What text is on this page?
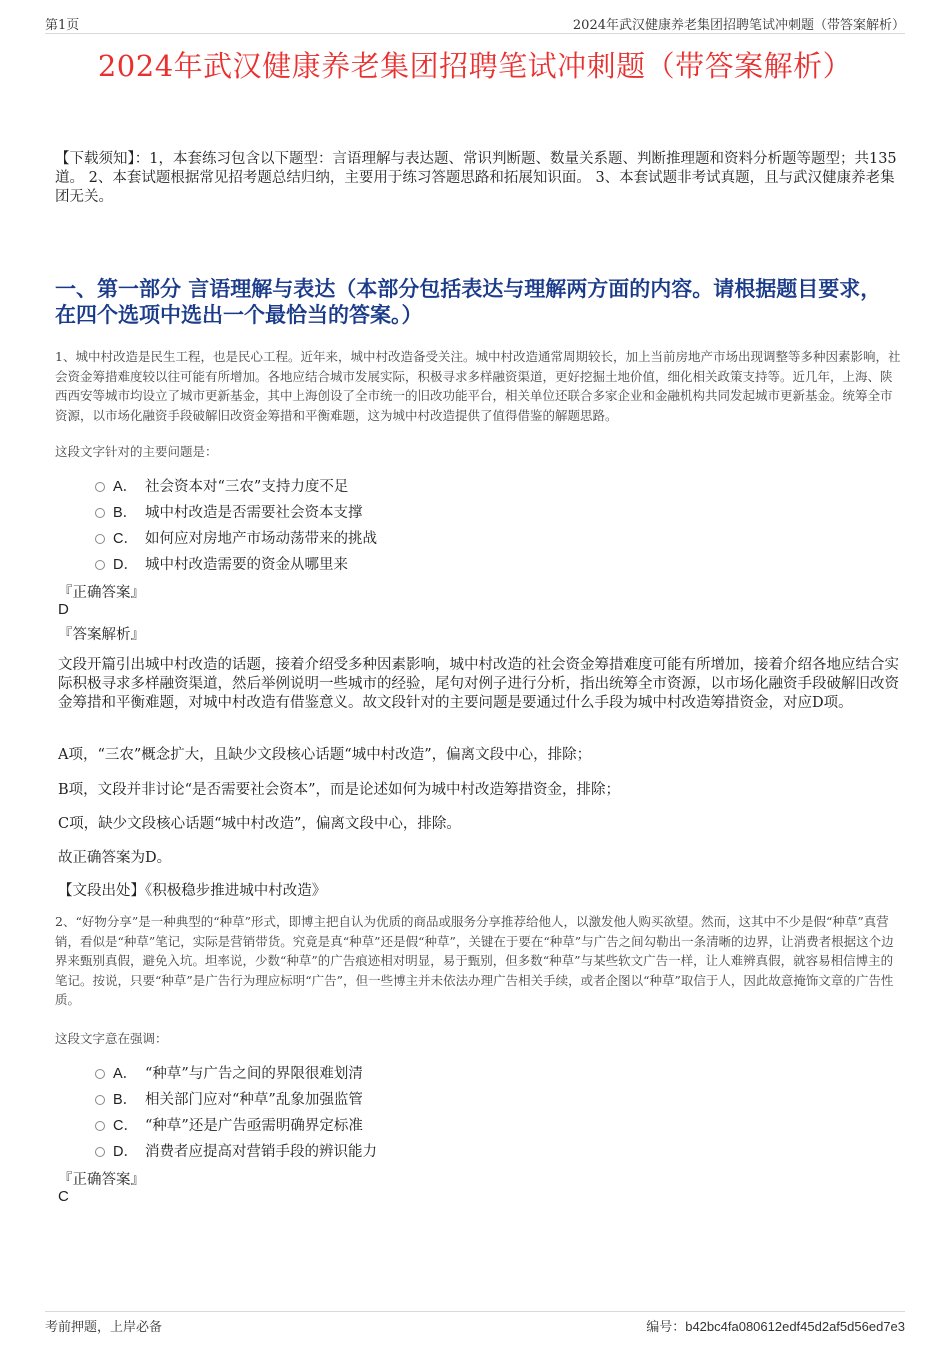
第1页	2024年武汉健康养老集团招聘笔试冲刺题（带答案解析）
2024年武汉健康养老集团招聘笔试冲刺题（带答案解析）

【下载须知】：1，本套练习包含以下题型：言语理解与表达题、常识判断题、数量关系题、判断推理题和资料分析题等题型；共135道。 2、本套试题根据常见招考题总结归纳，主要用于练习答题思路和拓展知识面。 3、本套试题非考试真题，且与武汉健康养老集团无关。

一、第一部分 言语理解与表达（本部分包括表达与理解两方面的内容。请根据题目要求，在四个选项中选出一个最恰当的答案。）

1、城中村改造是民生工程，也是民心工程。近年来，城中村改造备受关注。城中村改造通常周期较长，加上当前房地产市场出现调整等多种因素影响，社会资金筹措难度较以往可能有所增加。各地应结合城市发展实际，积极寻求多样融资渠道，更好挖掘土地价值，细化相关政策支持等。近几年，上海、陕西西安等城市均设立了城市更新基金，其中上海创设了全市统一的旧改功能平台，相关单位还联合多家企业和金融机构共同发起城市更新基金。统筹全市资源，以市场化融资手段破解旧改资金筹措和平衡难题，这为城中村改造提供了值得借鉴的解题思路。

这段文字针对的主要问题是：

A． 社会资本对“三农”支持力度不足
B． 城中村改造是否需要社会资本支撑
C． 如何应对房地产市场动荡带来的挑战
D． 城中村改造需要的资金从哪里来

『正确答案』

D

『答案解析』

文段开篇引出城中村改造的话题，接着介绍受多种因素影响，城中村改造的社会资金筹措难度可能有所增加，接着介绍各地应结合实际积极寻求多样融资渠道，然后举例说明一些城市的经验，尾句对例子进行分析，指出统筹全市资源，以市场化融资手段破解旧改资金筹措和平衡难题，对城中村改造有借鉴意义。故文段针对的主要问题是要通过什么手段为城中村改造筹措资金，对应D项。

A项，“三农”概念扩大，且缺少文段核心话题“城中村改造”，偏离文段中心，排除；

B项，文段并非讨论“是否需要社会资本”，而是论述如何为城中村改造筹措资金，排除；

C项，缺少文段核心话题“城中村改造”，偏离文段中心，排除。

故正确答案为D。

【文段出处】《积极稳步推进城中村改造》

2、“好物分享”是一种典型的“种草”形式，即博主把自认为优质的商品或服务分享推荐给他人，以激发他人购买欲望。然而，这其中不少是假“种草”真营销，看似是“种草”笔记，实际是营销带货。究竟是真“种草”还是假“种草”，关键在于要在“种草”与广告之间勾勒出一条清晰的边界，让消费者根据这个边界来甄别真假，避免入坑。坦率说，少数“种草”的广告痕迹相对明显，易于甄别，但多数“种草”与某些软文广告一样，让人难辨真假，就容易相信博主的笔记。按说，只要“种草”是广告行为理应标明“广告”，但一些博主并未依法办理广告相关手续，或者企图以“种草”取信于人，因此故意掩饰文章的广告性质。

这段文字意在强调：

A． “种草”与广告之间的界限很难划清
B． 相关部门应对“种草”乱象加强监管
C． “种草”还是广告亟需明确界定标准
D． 消费者应提高对营销手段的辨识能力

『正确答案』

C

考前押题，上岸必备	编号：b42bc4fa080612edf45d2af5d56ed7e3
